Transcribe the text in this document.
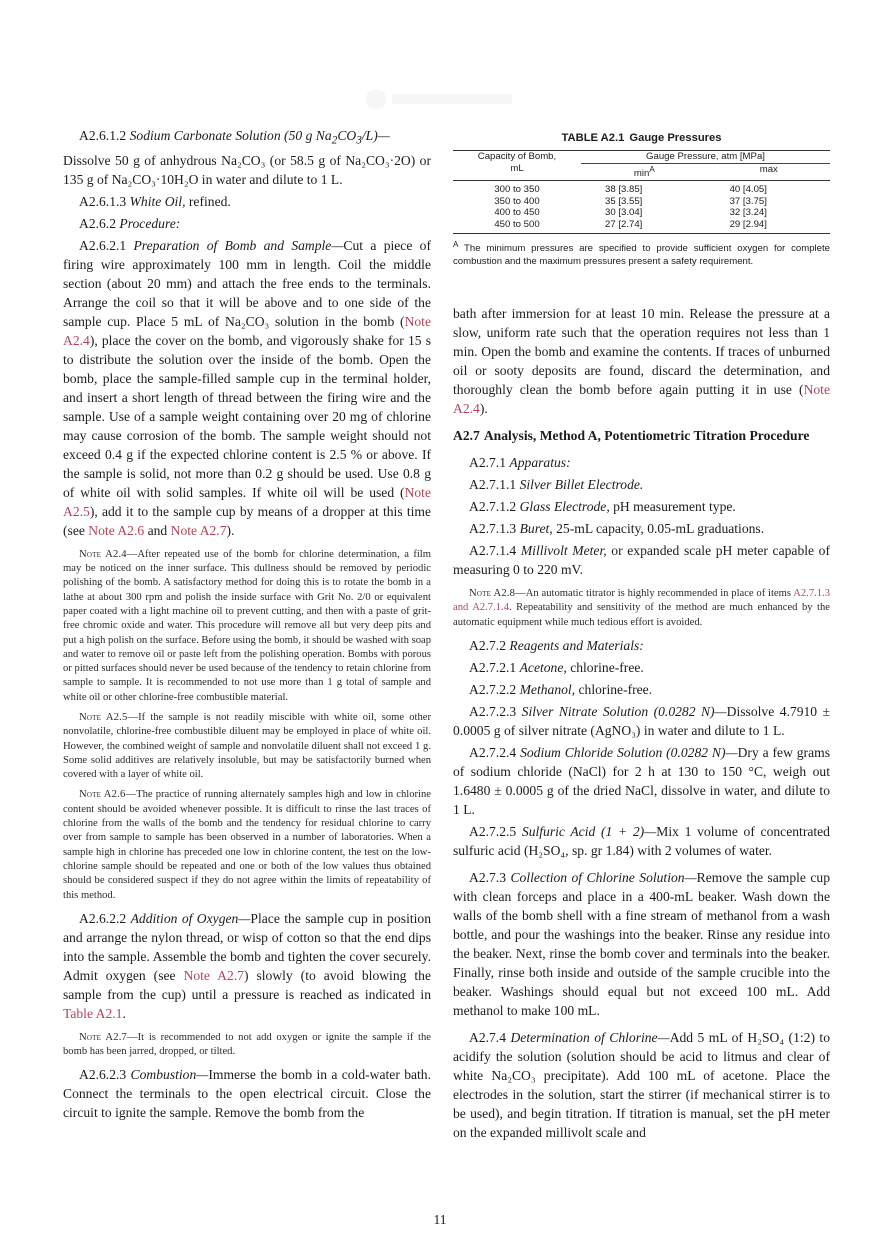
A2.6.1.2 Sodium Carbonate Solution (50 g $Na_2CO_3/L)—$
Dissolve 50 g of anhydrous Na₂CO₃ (or 58.5 g of Na₂CO₃·2O) or 135 g of Na₂CO₃·10H₂O in water and dilute to 1 L.

A2.6.1.3 White Oil, refined.

A2.6.2 Procedure:

A2.6.2.1 Preparation of Bomb and Sample—Cut a piece of firing wire approximately 100 mm in length. Coil the middle section (about 20 mm) and attach the free ends to the terminals. Arrange the coil so that it will be above and to one side of the sample cup. Place 5 mL of Na₂CO₃ solution in the bomb (Note A2.4), place the cover on the bomb, and vigorously shake for 15 s to distribute the solution over the inside of the bomb. Open the bomb, place the sample-filled sample cup in the terminal holder, and insert a short length of thread between the firing wire and the sample. Use of a sample weight containing over 20 mg of chlorine may cause corrosion of the bomb. The sample weight should not exceed 0.4 g if the expected chlorine content is 2.5 % or above. If the sample is solid, not more than 0.2 g should be used. Use 0.8 g of white oil with solid samples. If white oil will be used (Note A2.5), add it to the sample cup by means of a dropper at this time (see Note A2.6 and Note A2.7).

Note A2.4—After repeated use of the bomb for chlorine determination, a film may be noticed on the inner surface. This dullness should be removed by periodic polishing of the bomb. A satisfactory method for doing this is to rotate the bomb in a lathe at about 300 rpm and polish the inside surface with Grit No. 2/0 or equivalent paper coated with a light machine oil to prevent cutting, and then with a paste of grit-free chromic oxide and water. This procedure will remove all but very deep pits and put a high polish on the surface. Before using the bomb, it should be washed with soap and water to remove oil or paste left from the polishing operation. Bombs with porous or pitted surfaces should never be used because of the tendency to retain chlorine from sample to sample. It is recommended to not use more than 1 g total of sample and white oil or other chlorine-free combustible material.

Note A2.5—If the sample is not readily miscible with white oil, some other nonvolatile, chlorine-free combustible diluent may be employed in place of white oil. However, the combined weight of sample and nonvolatile diluent shall not exceed 1 g. Some solid additives are relatively insoluble, but may be satisfactorily burned when covered with a layer of white oil.

Note A2.6—The practice of running alternately samples high and low in chlorine content should be avoided whenever possible. It is difficult to rinse the last traces of chlorine from the walls of the bomb and the tendency for residual chlorine to carry over from sample to sample has been observed in a number of laboratories. When a sample high in chlorine has preceded one low in chlorine content, the test on the low-chlorine sample should be repeated and one or both of the low values thus obtained should be considered suspect if they do not agree within the limits of repeatability of this method.

A2.6.2.2 Addition of Oxygen—Place the sample cup in position and arrange the nylon thread, or wisp of cotton so that the end dips into the sample. Assemble the bomb and tighten the cover securely. Admit oxygen (see Note A2.7) slowly (to avoid blowing the sample from the cup) until a pressure is reached as indicated in Table A2.1.

Note A2.7—It is recommended to not add oxygen or ignite the sample if the bomb has been jarred, dropped, or tilted.

A2.6.2.3 Combustion—Immerse the bomb in a cold-water bath. Connect the terminals to the open electrical circuit. Close the circuit to ignite the sample. Remove the bomb from the

TABLE A2.1 Gauge Pressures
Capacity of Bomb,
mL	Gauge Pressure, atm [MPa]	
	$\min^A$	max
300 to 350	38 [3.85]	40 [4.05]
350 to 400	35 [3.55]	37 [3.75]
400 to 450	30 [3.04]	32 [3.24]
450 to 500	27 [2.74]	29 [2.94]

$^A$ The minimum pressures are specified to provide sufficient oxygen for complete combustion and the maximum pressures present a safety requirement.

bath after immersion for at least 10 min. Release the pressure at a slow, uniform rate such that the operation requires not less than 1 min. Open the bomb and examine the contents. If traces of unburned oil or sooty deposits are found, discard the determination, and thoroughly clean the bomb before again putting it in use (Note A2.4).

A2.7 Analysis, Method A, Potentiometric Titration Procedure

A2.7.1 Apparatus:

A2.7.1.1 Silver Billet Electrode.

A2.7.1.2 Glass Electrode, pH measurement type.

A2.7.1.3 Buret, 25-mL capacity, 0.05-mL graduations.

A2.7.1.4 Millivolt Meter, or expanded scale pH meter capable of measuring 0 to 220 mV.

Note A2.8—An automatic titrator is highly recommended in place of items A2.7.1.3 and A2.7.1.4. Repeatability and sensitivity of the method are much enhanced by the automatic equipment while much tedious effort is avoided.

A2.7.2 Reagents and Materials:

A2.7.2.1 Acetone, chlorine-free.

A2.7.2.2 Methanol, chlorine-free.

A2.7.2.3 Silver Nitrate Solution (0.0282 N)—Dissolve 4.7910 ± 0.0005 g of silver nitrate (AgNO₃) in water and dilute to 1 L.

A2.7.2.4 Sodium Chloride Solution (0.0282 N)—Dry a few grams of sodium chloride (NaCl) for 2 h at 130 to 150 °C, weigh out 1.6480 ± 0.0005 g of the dried NaCl, dissolve in water, and dilute to 1 L.

A2.7.2.5 Sulfuric Acid (1 + 2)—Mix 1 volume of concentrated sulfuric acid (H₂SO₄, sp. gr 1.84) with 2 volumes of water.

A2.7.3 Collection of Chlorine Solution—Remove the sample cup with clean forceps and place in a 400-mL beaker. Wash down the walls of the bomb shell with a fine stream of methanol from a wash bottle, and pour the washings into the beaker. Rinse any residue into the beaker. Next, rinse the bomb cover and terminals into the beaker. Finally, rinse both inside and outside of the sample crucible into the beaker. Washings should equal but not exceed 100 mL. Add methanol to make 100 mL.

A2.7.4 Determination of Chlorine—Add 5 mL of H₂SO₄ (1:2) to acidify the solution (solution should be acid to litmus and clear of white Na₂CO₃ precipitate). Add 100 mL of acetone. Place the electrodes in the solution, start the stirrer (if mechanical stirrer is to be used), and begin titration. If titration is manual, set the pH meter on the expanded millivolt scale and

11
